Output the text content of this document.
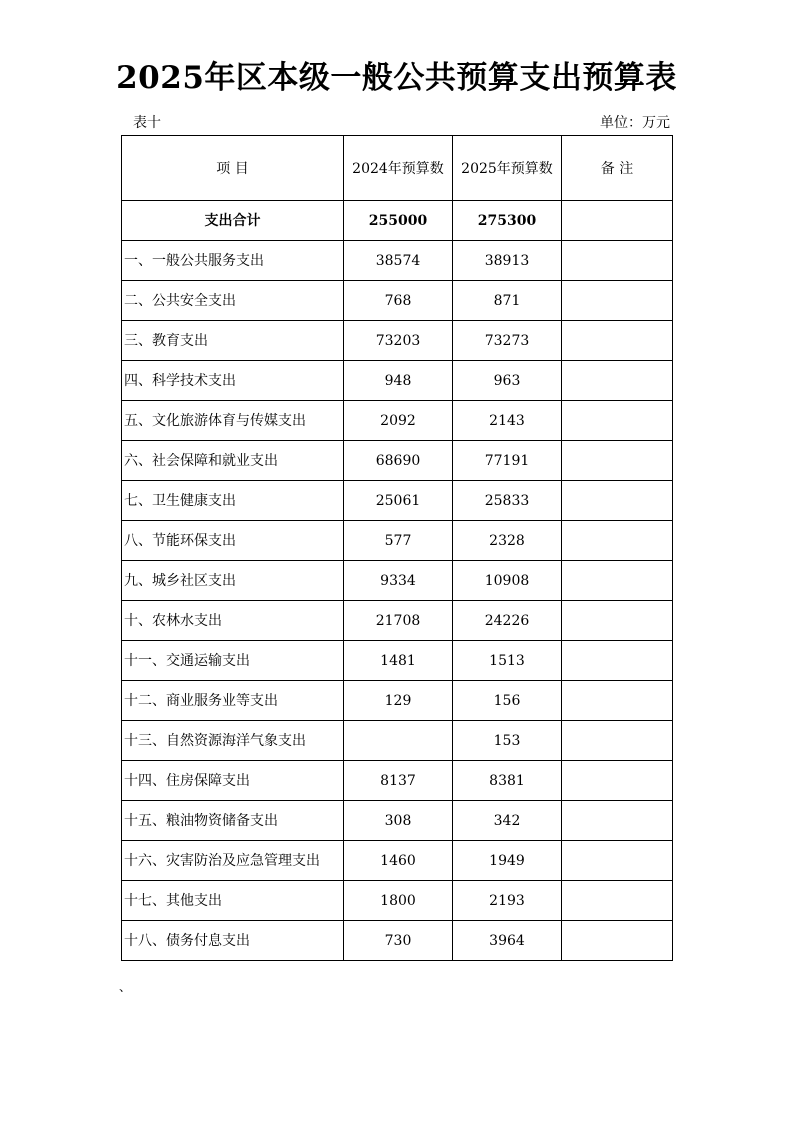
2025年区本级一般公共预算支出预算表
表十	单位：万元
项 目	2024年预算数	2025年预算数	备 注
支出合计	255000	275300	
一、一般公共服务支出	38574	38913	
二、公共安全支出	768	871	
三、教育支出	73203	73273	
四、科学技术支出	948	963	
五、文化旅游体育与传媒支出	2092	2143	
六、社会保障和就业支出	68690	77191	
七、卫生健康支出	25061	25833	
八、节能环保支出	577	2328	
九、城乡社区支出	9334	10908	
十、农林水支出	21708	24226	
十一、交通运输支出	1481	1513	
十二、商业服务业等支出	129	156	
十三、自然资源海洋气象支出		153	
十四、住房保障支出	8137	8381	
十五、粮油物资储备支出	308	342	
十六、灾害防治及应急管理支出	1460	1949	
十七、其他支出	1800	2193	
十八、债务付息支出	730	3964	
、
